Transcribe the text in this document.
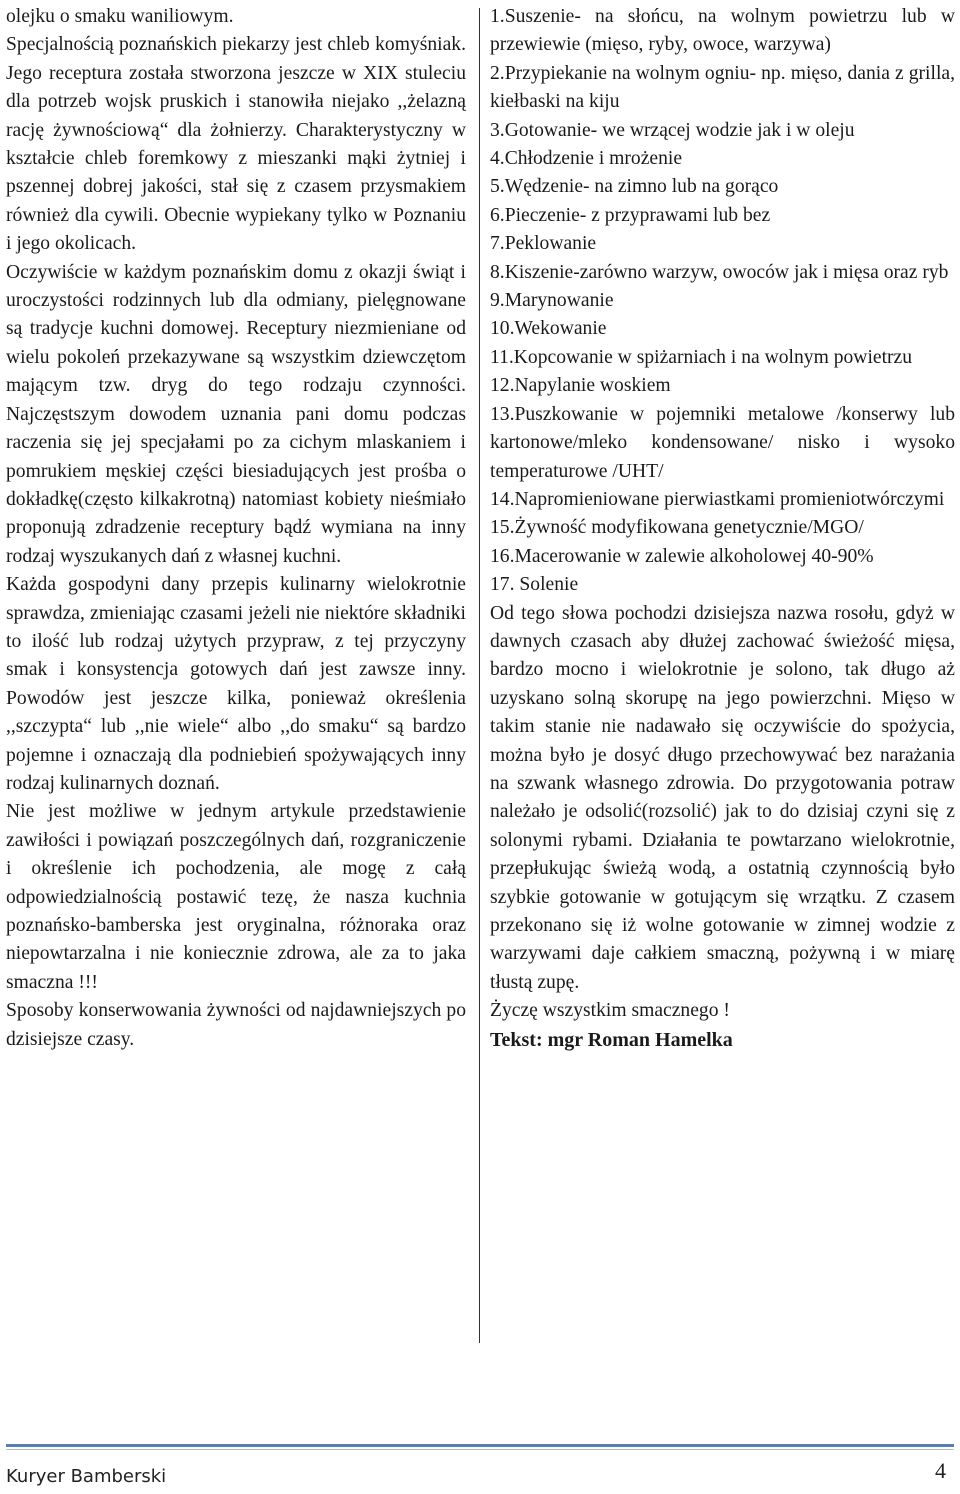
olejku o smaku waniliowym.

Specjalnością poznańskich piekarzy jest chleb komyśniak. Jego receptura została stworzona jeszcze w XIX stuleciu dla potrzeb wojsk pruskich i stanowiła niejako ,,żelazną rację żywnościową“ dla żołnierzy. Charakterystyczny w kształcie chleb foremkowy z mieszanki mąki żytniej i pszennej dobrej jakości, stał się z czasem przysmakiem również dla cywili. Obecnie wypiekany tylko w Poznaniu i jego okolicach.

Oczywiście w każdym poznańskim domu z okazji świąt i uroczystości rodzinnych lub dla odmiany, pielęgnowane są tradycje kuchni domowej. Receptury niezmieniane od wielu pokoleń przekazywane są wszystkim dziewczętom mającym tzw. dryg do tego rodzaju czynności. Najczęstszym dowodem uznania pani domu podczas raczenia się jej specjałami po za cichym mlaskaniem i pomrukiem męskiej części biesiadujących jest prośba o dokładkę(często kilkakrotną) natomiast kobiety nieśmiało proponują zdradzenie receptury bądź wymiana na inny rodzaj wyszukanych dań z własnej kuchni.

Każda gospodyni dany przepis kulinarny wielokrotnie sprawdza, zmieniając czasami jeżeli nie niektóre składniki to ilość lub rodzaj użytych przypraw, z tej przyczyny smak i konsystencja gotowych dań jest zawsze inny. Powodów jest jeszcze kilka, ponieważ określenia ,,szczypta“ lub ,,nie wiele“ albo ,,do smaku“ są bardzo pojemne i oznaczają dla podniebień spożywających inny rodzaj kulinarnych doznań.

Nie jest możliwe w jednym artykule przedstawienie zawiłości i powiązań poszczególnych dań, rozgraniczenie i określenie ich pochodzenia, ale mogę z całą odpowiedzialnością postawić tezę, że nasza kuchnia poznańsko-bamberska jest oryginalna, różnoraka oraz niepowtarzalna i nie koniecznie zdrowa, ale za to jaka smaczna !!!

Sposoby konserwowania żywności od najdawniejszych po dzisiejsze czasy.

1.Suszenie- na słońcu, na wolnym powietrzu lub w przewiewie (mięso, ryby, owoce, warzywa)

2.Przypiekanie na wolnym ogniu- np. mięso, dania z grilla, kiełbaski na kiju

3.Gotowanie- we wrzącej wodzie jak i w oleju

4.Chłodzenie i mrożenie

5.Wędzenie- na zimno lub na gorąco

6.Pieczenie- z przyprawami lub bez

7.Peklowanie

8.Kiszenie-zarówno warzyw, owoców jak i mięsa oraz ryb

9.Marynowanie

10.Wekowanie

11.Kopcowanie w spiżarniach i na wolnym powietrzu

12.Napylanie woskiem

13.Puszkowanie w pojemniki metalowe /konserwy lub kartonowe/mleko kondensowane/ nisko i wysoko temperaturowe /UHT/

14.Napromieniowane pierwiastkami promieniotwórczymi

15.Żywność modyfikowana genetycznie/MGO/

16.Macerowanie w zalewie alkoholowej 40-90%

17. Solenie

Od tego słowa pochodzi dzisiejsza nazwa rosołu, gdyż w dawnych czasach aby dłużej zachować świeżość mięsa, bardzo mocno i wielokrotnie je solono, tak długo aż uzyskano solną skorupę na jego powierzchni. Mięso w takim stanie nie nadawało się oczywiście do spożycia, można było je dosyć długo przechowywać bez narażania na szwank własnego zdrowia. Do przygotowania potraw należało je odsolić(rozsolić) jak to do dzisiaj czyni się z solonymi rybami. Działania te powtarzano wielokrotnie, przepłukując świeżą wodą, a ostatnią czynnością było szybkie gotowanie w gotującym się wrzątku. Z czasem przekonano się iż wolne gotowanie w zimnej wodzie z warzywami daje całkiem smaczną, pożywną i w miarę tłustą zupę.

Życzę wszystkim smacznego !

Tekst: mgr Roman Hamelka

Kuryer Bamberski	4
